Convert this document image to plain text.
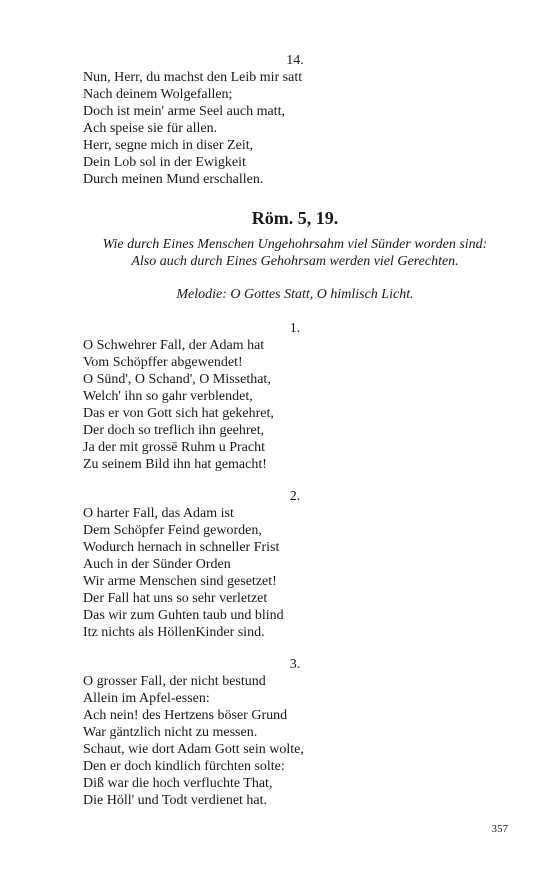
14.
Nun, Herr, du machst den Leib mir satt
Nach deinem Wolgefallen;
Doch ist mein' arme Seel auch matt,
Ach speise sie für allen.
Herr, segne mich in diser Zeit,
Dein Lob sol in der Ewigkeit
Durch meinen Mund erschallen.
Röm. 5, 19.
Wie durch Eines Menschen Ungehohrsahm viel Sünder worden sind:
Also auch durch Eines Gehohrsam werden viel Gerechten.
Melodie: O Gottes Statt, O himlisch Licht.
1.
O Schwehrer Fall, der Adam hat
Vom Schöpffer abgewendet!
O Sünd', O Schand', O Missethat,
Welch' ihn so gahr verblendet,
Das er von Gott sich hat gekehret,
Der doch so treflich ihn geehret,
Ja der mit grossē Ruhm u Pracht
Zu seinem Bild ihn hat gemacht!
2.
O harter Fall, das Adam ist
Dem Schöpfer Feind geworden,
Wodurch hernach in schneller Frist
Auch in der Sünder Orden
Wir arme Menschen sind gesetzet!
Der Fall hat uns so sehr verletzet
Das wir zum Guhten taub und blind
Itz nichts als HöllenKinder sind.
3.
O grosser Fall, der nicht bestund
Allein im Apfel-essen:
Ach nein! des Hertzens böser Grund
War gäntzlich nicht zu messen.
Schaut, wie dort Adam Gott sein wolte,
Den er doch kindlich fürchten solte:
Diß war die hoch verfluchte That,
Die Höll' und Todt verdienet hat.
357
